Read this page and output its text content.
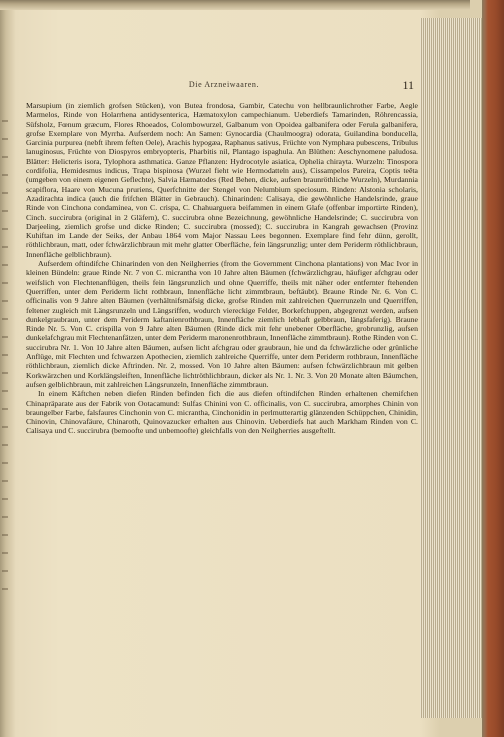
Die Arzneiwaaren.	11

Marsupium (in ziemlich grofsen Stücken), von Butea frondosa, Gambir, Catechu von hellbraunlichrother Farbe, Aegle Marmelos, Rinde von Holarrhena antidysenterica, Hæmatoxylon campechianum. Ueberdiefs Tamarinden, Röhrencassia, Süfsholz, Fœnum græcum, Flores Rhoeados, Colombowurzel, Galbanum von Opoidea galbanifera oder Ferula galbanifera, grofse Exemplare von Myrrha. Aufserdem noch: An Samen: Gynocardia (Chaulmoogra) odorata, Guilandina bonducella, Garcinia purpurea (nebft ihrem feften Oele), Arachis hypogæa, Raphanus sativus, Früchte von Nymphæa pubescens, Tribulus lanuginosus, Früchte von Diospyros embryopteris, Pharbitis nil, Plantago ispaghula. An Blüthen: Aeschynomene paludosa. Blätter: Helicteris isora, Tylophora asthmatica. Ganze Pflanzen: Hydrocotyle asiatica, Ophelia chirayta. Wurzeln: Tinospora cordifolia, Hemidesmus indicus, Trapa bispinosa (Wurzel fieht wie Hermodatteln aus), Cissampelos Pareira, Coptis teěta (umgeben von einem eigenen Geflechte), Salvia Hæmatodes (Red Behen, dicke, aufsen braunröthliche Wurzeln), Murdannia scapiflora, Haare von Mucuna pruriens, Querfchnitte der Stengel von Nelumbium speciosum. Rinden: Alstonia scholaris, Azadirachta indica (auch die frifchen Blätter in Gebrauch). Chinarinden: Calisaya, die gewöhnliche Handelsrinde, graue Rinde von Cinchona condaminea, von C. crispa, C. Chahuarguera beifammen in einem Glafe (offenbar importirte Rinden), Cinch. succirubra (original in 2 Gläfern), C. succirubra ohne Bezeichnung, gewöhnliche Handelsrinde; C. succirubra von Darjeeling, ziemlich grofse und dicke Rinden; C. succirubra (mossed); C. succirubra in Kangrah gewachsen (Provinz Kuhiftan im Lande der Seiks, der Anbau 1864 vom Major Nassau Lees begonnen. Exemplare find fehr dünn, gerollt, röthlichbraun, matt, oder fchwärzlichbraun mit mehr glatter Oberfläche, fein längsrunzlig; unter dem Periderm röthlichbraun, Innenfläche gelblichbraun).

Aufserdem oftindifche Chinarinden von den Neilgherries (from the Government Cinchona plantations) von Mac Ivor in kleinen Bündeln: graue Rinde Nr. 7 von C. micrantha von 10 Jahre alten Bäumen (fchwärzlichgrau, häufiger afchgrau oder weifslich von Flechtenanflügen, theils fein längsrunzlich und ohne Querriffe, theils mit näher oder entfernter ftehenden Querriffen, unter dem Periderm licht rothbraun, Innenfläche licht zimmtbraun, beftäubt). Braune Rinde Nr. 6. Von C. officinalis von 9 Jahre alten Bäumen (verhältnifsmäfsig dicke, grofse Rinden mit zahlreichen Querrunzeln und Querriffen, feltener zugleich mit Längsrunzeln und Längsriffen, wodurch viereckige Felder, Borkefchuppen, abgegrenzt werden, aufsen dunkelgraubraun, unter dem Periderm kaftanienrothbraun, Innenfläche ziemlich lebhaft gelbbraun, längsfaferig). Braune Rinde Nr. 5. Von C. crispilla von 9 Jahre alten Bäumen (Rinde dick mit fehr unebener Oberfläche, grobrunzlig, aufsen dunkelafchgrau mit Flechtenanfätzen, unter dem Periderm maronenrothbraun, Innenfläche zimmtbraun). Rothe Rinden von C. succirubra Nr. 1. Von 10 Jahre alten Bäumen, aufsen licht afchgrau oder graubraun, hie und da fchwärzliche oder grünliche Anflüge, mit Flechten und fchwarzen Apothecien, ziemlich zahlreiche Querriffe, unter dem Periderm rothbraun, Innenfläche röthlichbraun, ziemlich dicke Aftrinden. Nr. 2, mossed. Von 10 Jahre alten Bäumen: aufsen fchwärzlichbraun mit gelben Korkwärzchen und Korklängsleiften, Innenfläche lichtröthlichbraun, dicker als Nr. 1. Nr. 3. Von 20 Monate alten Bäumchen, aufsen gelblichbraun, mit zahlreichen Längsrunzeln, Innenfläche zimmtbraun.

In einem Käftchen neben diefen Rinden befinden fich die aus diefen oftindifchen Rinden erhaltenen chemifchen Chinapräparate aus der Fabrik von Ootacamund: Sulfas Chinini von C. officinalis, von C. succirubra, amorphes Chinin von braungelber Farbe, falsfaures Cinchonin von C. micrantha, Cinchonidin in perlmutterartig glänzenden Schüppchen, Chinidin, Chinovin, Chinovafäure, Chinaroth, Quinovazucker erhalten aus Chinovin. Ueberdiefs hat auch Markham Rinden von C. Calisaya und C. succirubra (bemoofte und unbemoofte) gleichfalls von den Neilgherries ausgeftellt.
